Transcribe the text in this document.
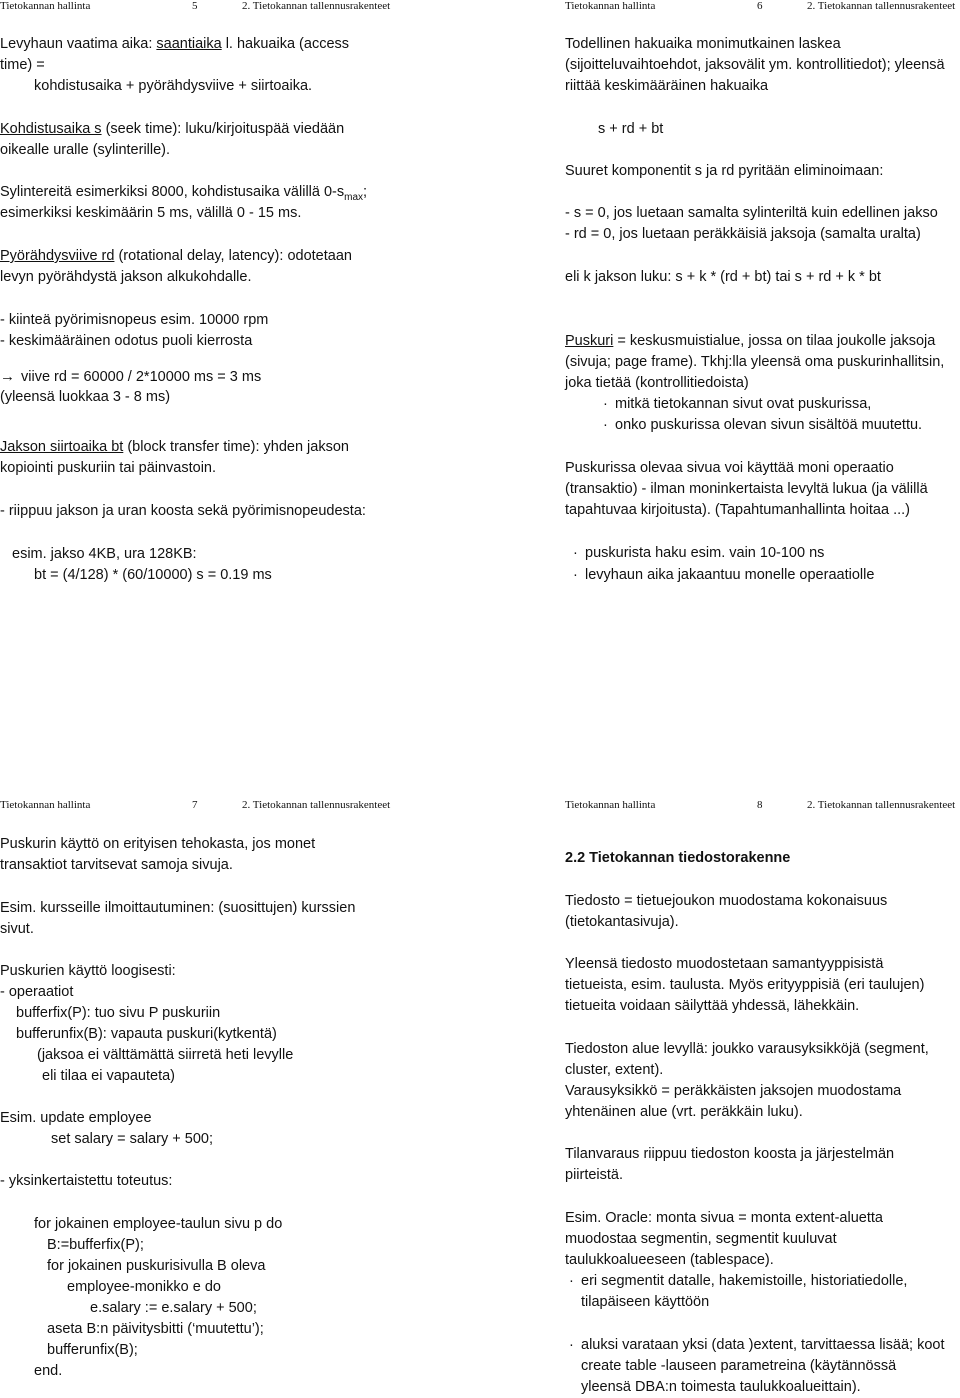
Tietokannan hallinta	5	2. Tietokannan tallennusrakenteet
Levyhaun vaatima aika: saantiaika l. hakuaika (access
time) =
kohdistusaika + pyörähdysviive + siirtoaika.
Kohdistusaika s (seek time): luku/kirjoituspää viedään
oikealle uralle (sylinterille).
Sylintereitä esimerkiksi 8000, kohdistusaika välillä $0-s_{max}$;
esimerkiksi keskimäärin 5 ms, välillä 0 - 15 ms.
Pyörähdysviive rd (rotational delay, latency): odotetaan
levyn pyörähdystä jakson alkukohdalle.
- kiinteä pyörimisnopeus esim. 10000 rpm
- keskimääräinen odotus puoli kierrosta
→ viive rd = 60000 / 2*10000 ms = 3 ms
(yleensä luokkaa 3 - 8 ms)
Jakson siirtoaika bt (block transfer time): yhden jakson
kopiointi puskuriin tai päinvastoin.
- riippuu jakson ja uran koosta sekä pyörimisnopeudesta:
esim. jakso 4KB, ura 128KB:
bt = (4/128) * (60/10000) s = 0.19 ms
Tietokannan hallinta	6	2. Tietokannan tallennusrakenteet
Todellinen hakuaika monimutkainen laskea
(sijoitteluvaihtoehdot, jaksovälit ym. kontrollitiedot); yleensä
riittää keskimääräinen hakuaika
s + rd + bt
Suuret komponentit s ja rd pyritään eliminoimaan:
- s = 0, jos luetaan samalta sylinteriltä kuin edellinen jakso
- rd = 0, jos luetaan peräkkäisiä jaksoja (samalta uralta)
eli k jakson luku: s + k * (rd + bt) tai s + rd + k * bt
Puskuri = keskusmuistialue, jossa on tilaa joukolle jaksoja
(sivuja; page frame). Tkhj:lla yleensä oma puskurinhallitsin,
joka tietää (kontrollitiedoista)
· mitkä tietokannan sivut ovat puskurissa,
· onko puskurissa olevan sivun sisältöä muutettu.
Puskurissa olevaa sivua voi käyttää moni operaatio
(transaktio) - ilman moninkertaista levyltä lukua (ja välillä
tapahtuvaa kirjoitusta). (Tapahtumanhallinta hoitaa ...)
· puskurista haku esim. vain 10-100 ns
· levyhaun aika jakaantuu monelle operaatiolle
Tietokannan hallinta	7	2. Tietokannan tallennusrakenteet
Puskurin käyttö on erityisen tehokasta, jos monet
transaktiot tarvitsevat samoja sivuja.
Esim. kursseille ilmoittautuminen: (suosittujen) kurssien
sivut.
Puskurien käyttö loogisesti:
- operaatiot
bufferfix(P): tuo sivu P puskuriin
bufferunfix(B): vapauta puskuri(kytkentä)
(jaksoa ei välttämättä siirretä heti levylle
eli tilaa ei vapauteta)
Esim. update employee
set salary = salary + 500;
- yksinkertaistettu toteutus:
for jokainen employee-taulun sivu p do
B:=bufferfix(P);
for jokainen puskurisivulla B oleva
employee-monikko e do
e.salary := e.salary + 500;
aseta B:n päivitysbitti (‘muutettu’);
bufferunfix(B);
end.
Tietokannan hallinta	8	2. Tietokannan tallennusrakenteet
2.2 Tietokannan tiedostorakenne
Tiedosto = tietuejoukon muodostama kokonaisuus
(tietokantasivuja).
Yleensä tiedosto muodostetaan samantyyppisistä
tietueista, esim. taulusta. Myös erityyppisiä (eri taulujen)
tietueita voidaan säilyttää yhdessä, lähekkäin.
Tiedoston alue levyllä: joukko varausyksikköjä (segment,
cluster, extent).
Varausyksikkö = peräkkäisten jaksojen muodostama
yhtenäinen alue (vrt. peräkkäin luku).
Tilanvaraus riippuu tiedoston koosta ja järjestelmän
piirteistä.
Esim. Oracle: monta sivua = monta extent-aluetta
muodostaa segmentin, segmentit kuuluvat
taulukkoalueeseen (tablespace).
· eri segmentit datalle, hakemistoille, historiatiedolle,
tilapäiseen käyttöön
· aluksi varataan yksi (data )extent, tarvittaessa lisää; koot
create table -lauseen parametreina (käytännössä
yleensä DBA:n toimesta taulukkoalueittain).
